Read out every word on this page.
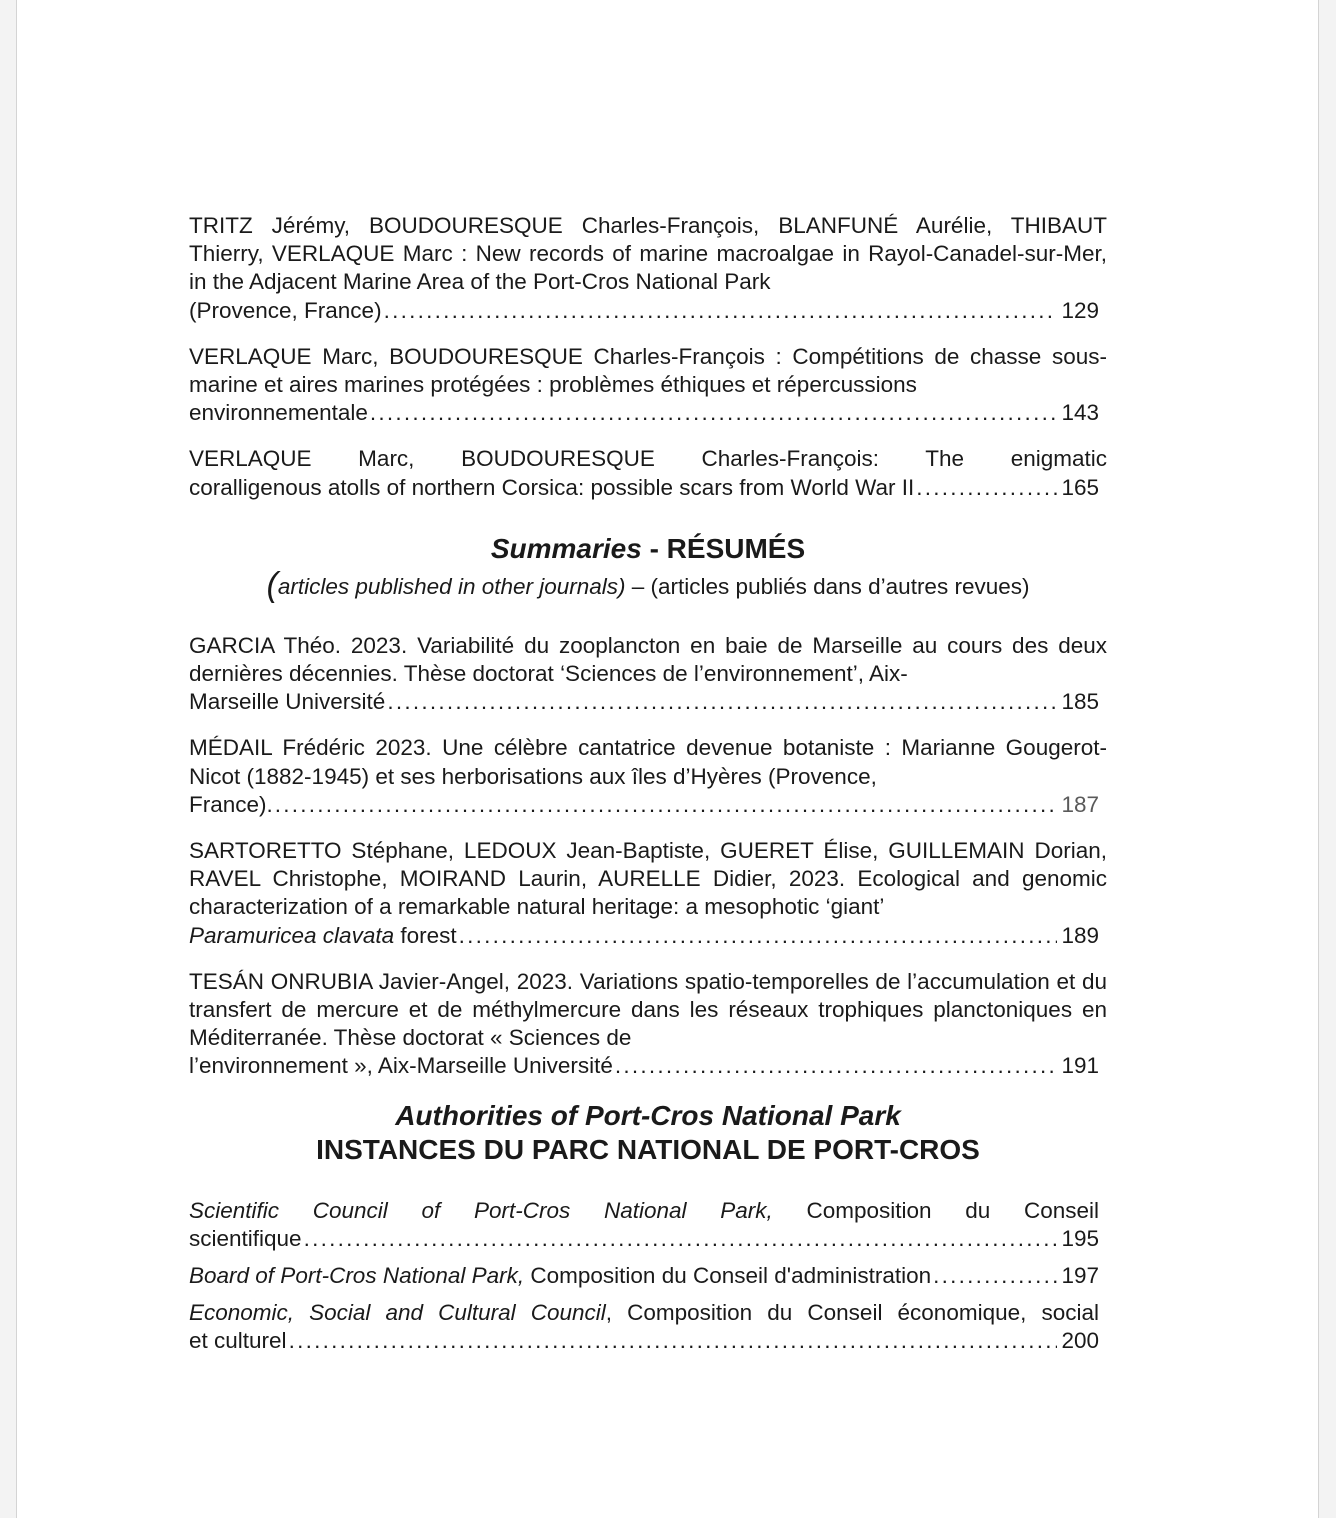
TRITZ Jérémy, BOUDOURESQUE Charles-François, BLANFUNÉ Aurélie, THIBAUT Thierry, VERLAQUE Marc : New records of marine macroalgae in Rayol-Canadel-sur-Mer, in the Adjacent Marine Area of the Port-Cros National Park
(Provence, France) . . .	129
VERLAQUE Marc, BOUDOURESQUE Charles-François : Compétitions de chasse sous-marine et aires marines protégées : problèmes éthiques et répercussions
environnementale . . .	143
VERLAQUE Marc, BOUDOURESQUE Charles-François: The enigmatic
coralligenous atolls of northern Corsica: possible scars from World War II . . .	165
Summaries - RÉSUMÉS
(articles published in other journals) – (articles publiés dans d’autres revues)
GARCIA Théo. 2023. Variabilité du zooplancton en baie de Marseille au cours des deux dernières décennies. Thèse doctorat ‘Sciences de l’environnement’, Aix-
Marseille Université . . .	185
MÉDAIL Frédéric 2023. Une célèbre cantatrice devenue botaniste : Marianne Gougerot-Nicot (1882-1945) et ses herborisations aux îles d’Hyères (Provence,
France). . . .	187
SARTORETTO Stéphane, LEDOUX Jean-Baptiste, GUERET Élise, GUILLEMAIN Dorian, RAVEL Christophe, MOIRAND Laurin, AURELLE Didier, 2023. Ecological and genomic characterization of a remarkable natural heritage: a mesophotic ‘giant’
Paramuricea clavata forest . . .	189
TESÁN ONRUBIA Javier-Angel, 2023. Variations spatio-temporelles de l’accumulation et du transfert de mercure et de méthylmercure dans les réseaux trophiques planctoniques en Méditerranée. Thèse doctorat « Sciences de
l’environnement », Aix-Marseille Université . . .	191
Authorities of Port-Cros National Park
INSTANCES DU PARC NATIONAL DE PORT-CROS
Scientific Council of Port-Cros National Park, Composition du Conseil
scientifique . . .	195
Board of Port-Cros National Park, Composition du Conseil d'administration . . .	197
Economic, Social and Cultural Council, Composition du Conseil économique, social
et culturel . . .	200
